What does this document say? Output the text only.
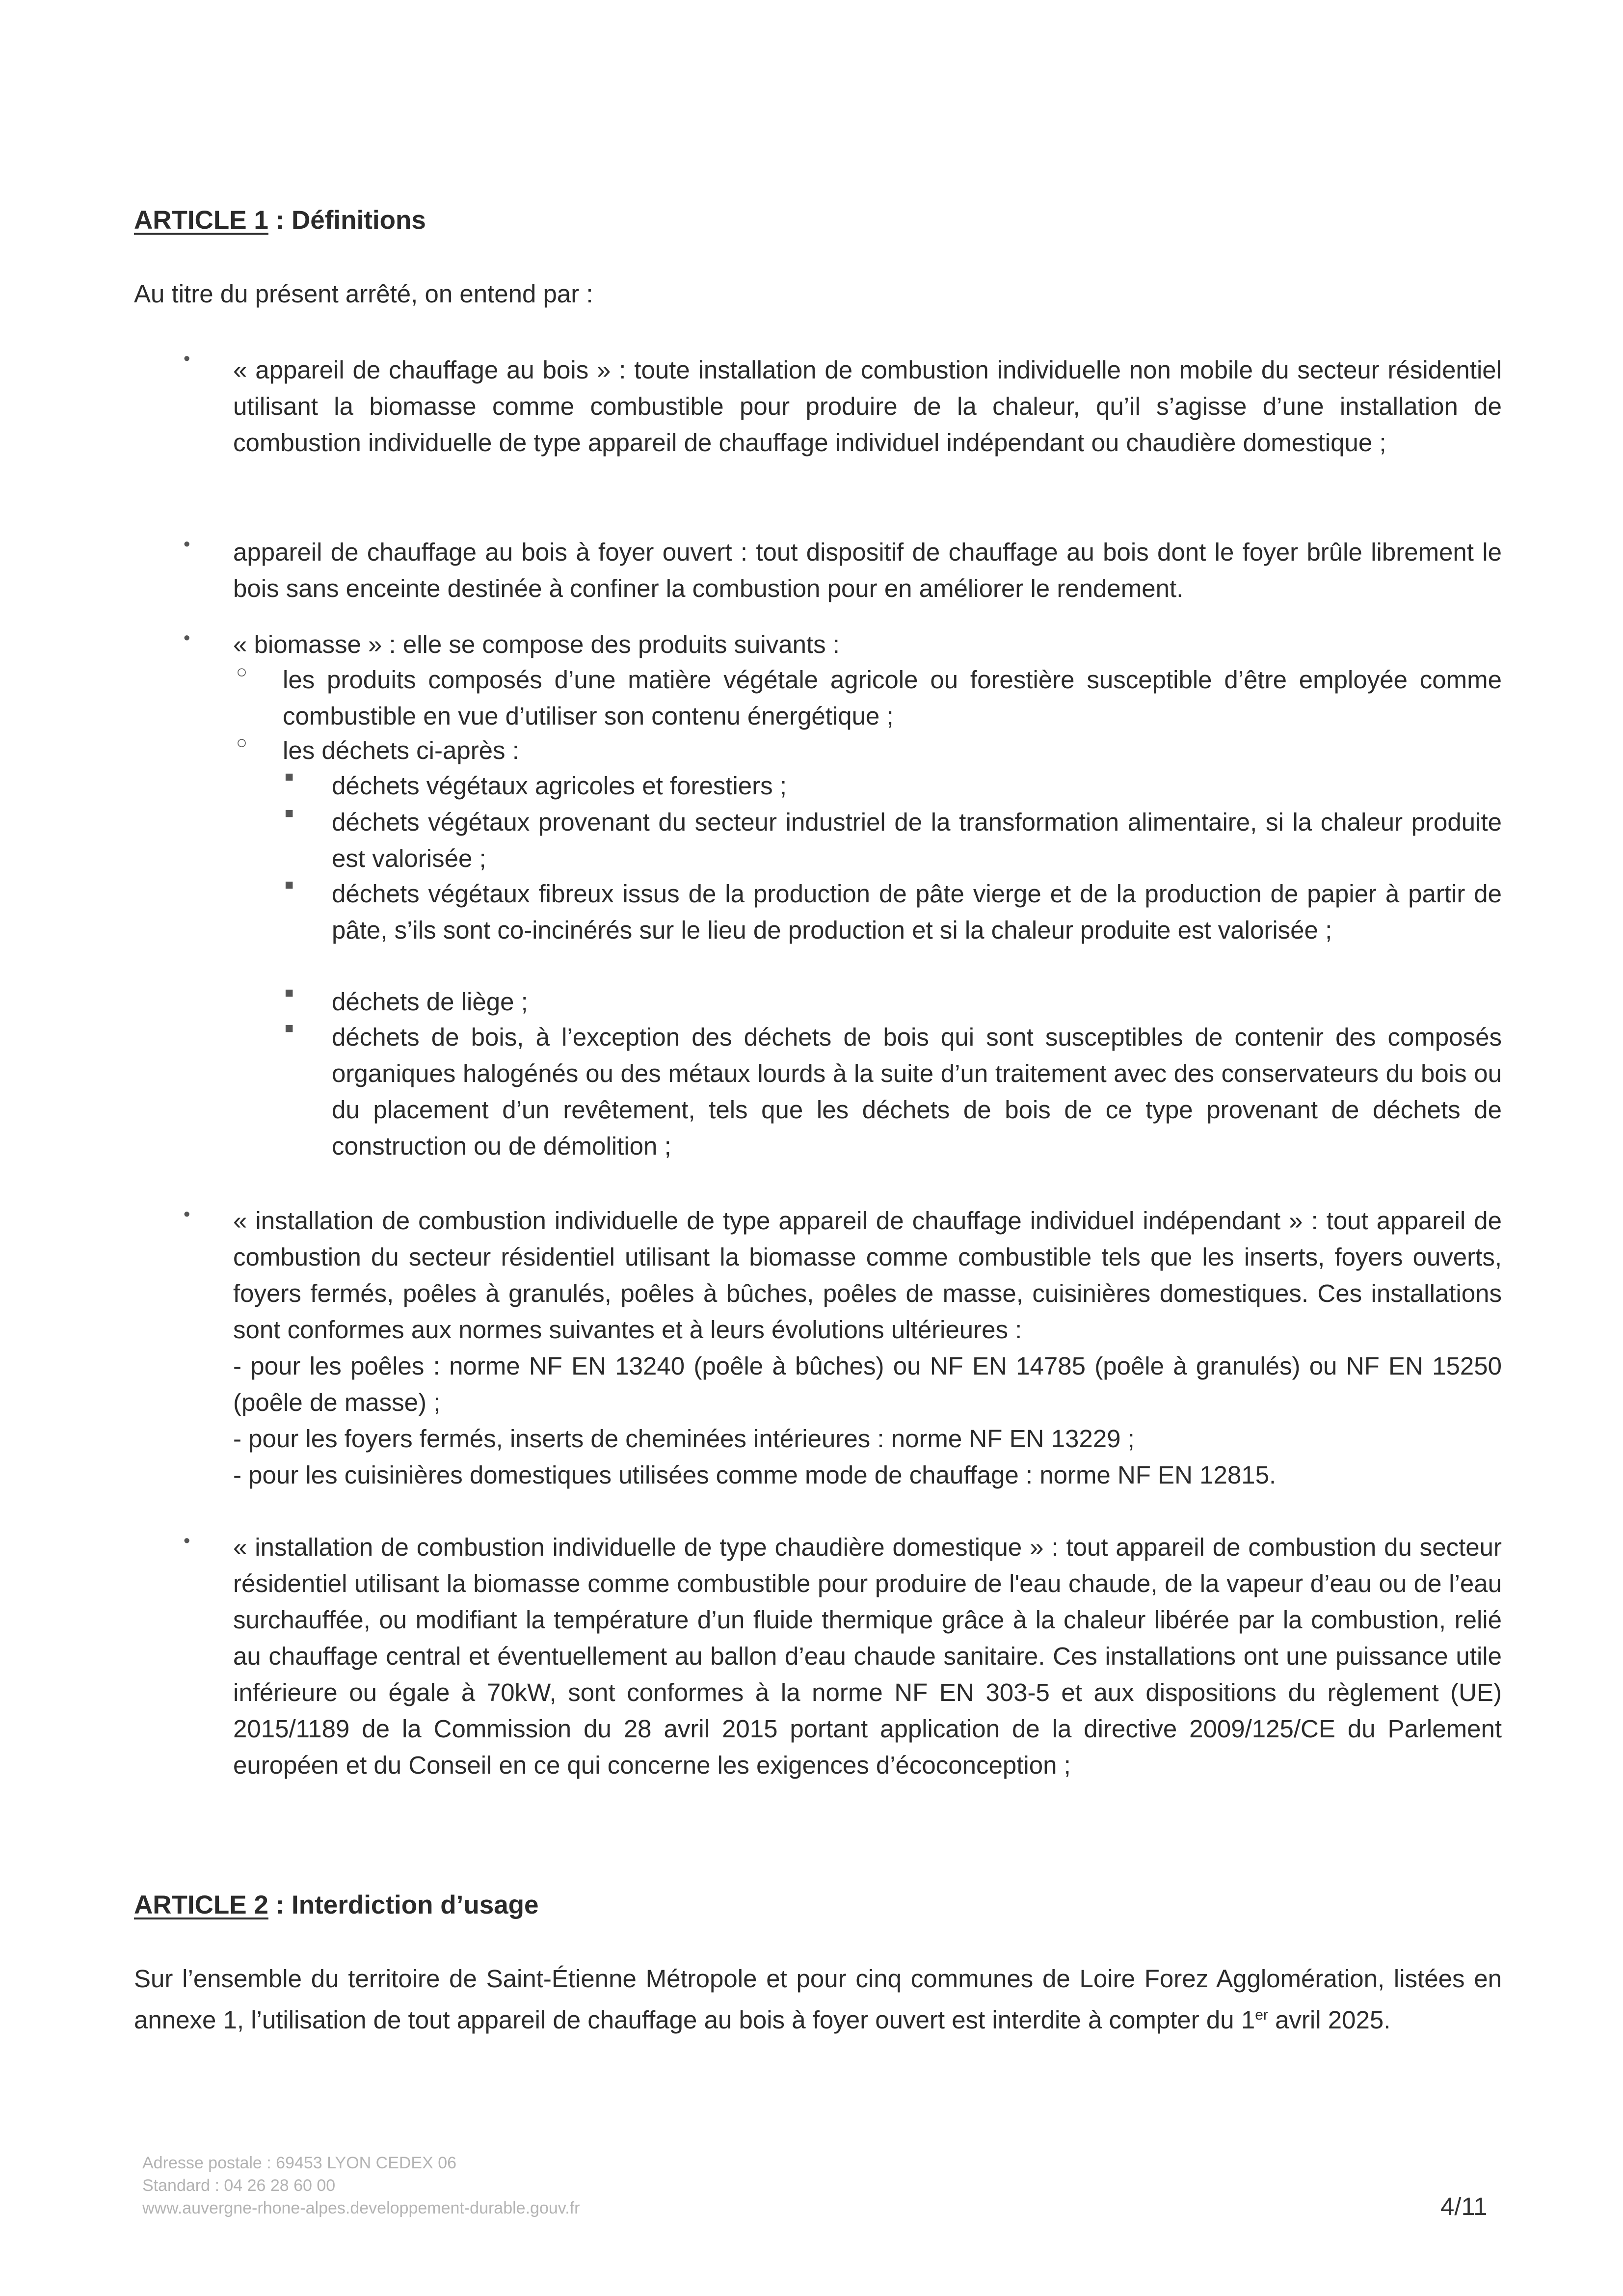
ARTICLE 1 : Définitions

Au titre du présent arrêté, on entend par :

• « appareil de chauffage au bois » : toute installation de combustion individuelle non mobile du secteur résidentiel utilisant la biomasse comme combustible pour produire de la chaleur, qu’il s’agisse d’une installation de combustion individuelle de type appareil de chauffage individuel indépendant ou chaudière domestique ;

• appareil de chauffage au bois à foyer ouvert : tout dispositif de chauffage au bois dont le foyer brûle librement le bois sans enceinte destinée à confiner la combustion pour en améliorer le rendement.

• « biomasse » : elle se compose des produits suivants :

○ les produits composés d’une matière végétale agricole ou forestière susceptible d’être employée comme combustible en vue d’utiliser son contenu énergétique ;

○ les déchets ci-après :

■ déchets végétaux agricoles et forestiers ;

■ déchets végétaux provenant du secteur industriel de la transformation alimentaire, si la chaleur produite est valorisée ;

■ déchets végétaux fibreux issus de la production de pâte vierge et de la production de papier à partir de pâte, s’ils sont co-incinérés sur le lieu de production et si la chaleur produite est valorisée ;

■ déchets de liège ;

■ déchets de bois, à l’exception des déchets de bois qui sont susceptibles de contenir des composés organiques halogénés ou des métaux lourds à la suite d’un traitement avec des conservateurs du bois ou du placement d’un revêtement, tels que les déchets de bois de ce type provenant de déchets de construction ou de démolition ;

• « installation de combustion individuelle de type appareil de chauffage individuel indépendant » : tout appareil de combustion du secteur résidentiel utilisant la biomasse comme combustible tels que les inserts, foyers ouverts, foyers fermés, poêles à granulés, poêles à bûches, poêles de masse, cuisinières domestiques. Ces installations sont conformes aux normes suivantes et à leurs évolutions ultérieures :
- pour les poêles : norme NF EN 13240 (poêle à bûches) ou NF EN 14785 (poêle à granulés) ou NF EN 15250 (poêle de masse) ;
- pour les foyers fermés, inserts de cheminées intérieures : norme NF EN 13229 ;
- pour les cuisinières domestiques utilisées comme mode de chauffage : norme NF EN 12815.
• « installation de combustion individuelle de type chaudière domestique » : tout appareil de combustion du secteur résidentiel utilisant la biomasse comme combustible pour produire de l'eau chaude, de la vapeur d’eau ou de l’eau surchauffée, ou modifiant la température d’un fluide thermique grâce à la chaleur libérée par la combustion, relié au chauffage central et éventuellement au ballon d’eau chaude sanitaire. Ces installations ont une puissance utile inférieure ou égale à 70kW, sont conformes à la norme NF EN 303-5 et aux dispositions du règlement (UE) 2015/1189 de la Commission du 28 avril 2015 portant application de la directive 2009/125/CE du Parlement européen et du Conseil en ce qui concerne les exigences d’écoconception ;

ARTICLE 2 : Interdiction d’usage

Sur l’ensemble du territoire de Saint-Étienne Métropole et pour cinq communes de Loire Forez Agglomération, listées en annexe 1, l’utilisation de tout appareil de chauffage au bois à foyer ouvert est interdite à compter du 1er avril 2025.

Adresse postale : 69453 LYON CEDEX 06
Standard : 04 26 28 60 00
www.auvergne-rhone-alpes.developpement-durable.gouv.fr	4/11
